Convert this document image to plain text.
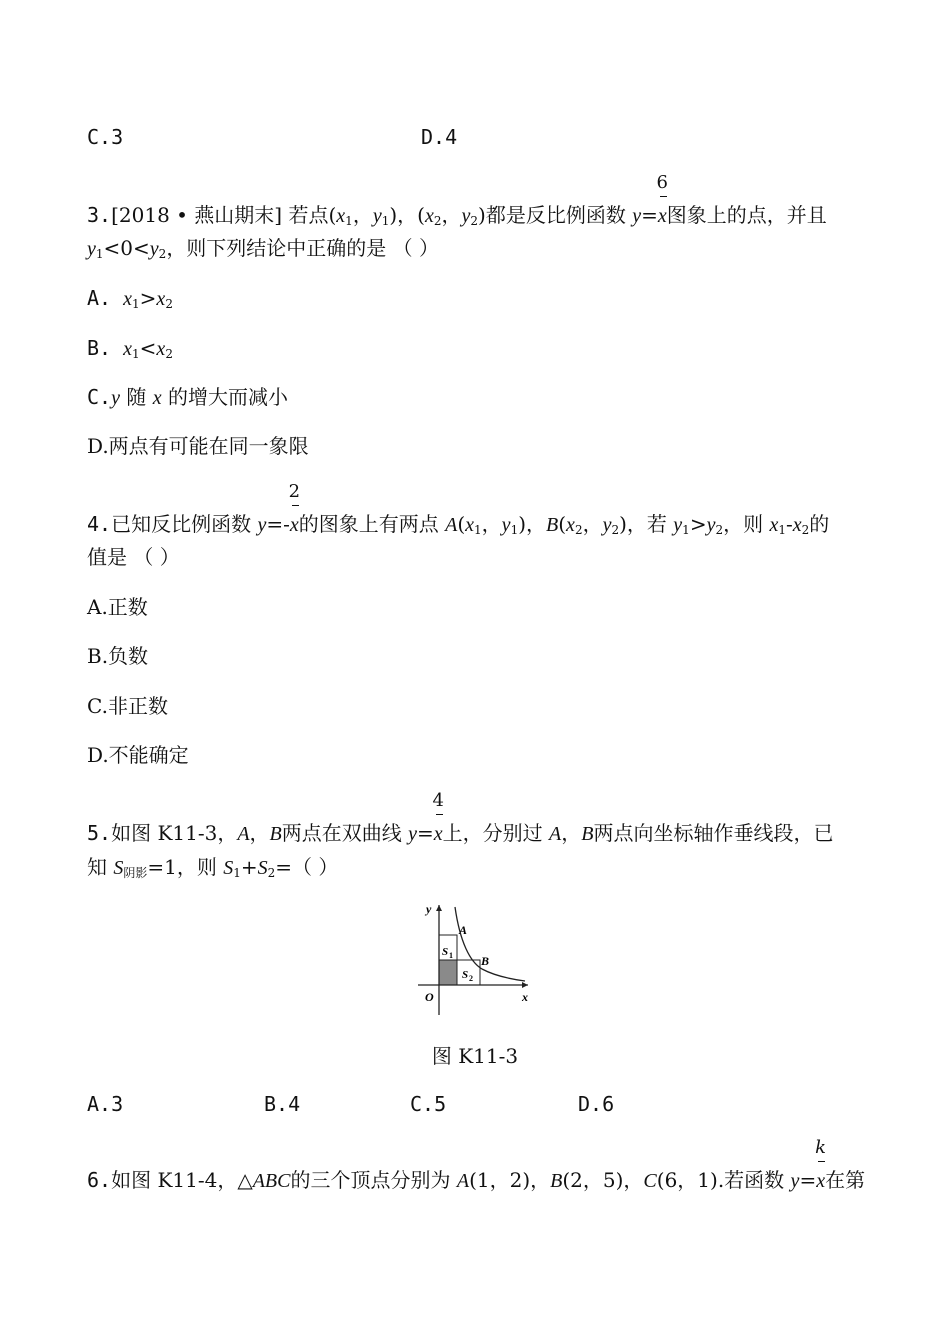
C.3	D.4
3.[2018 • 燕山期末] 若点($x_1$，$y_1$)，($x_2$，$y_2$)都是反比例函数 $y= \frac{6}{x}$图象上的点，并且
$y_1<0<y_2$，则下列结论中正确的是 （ ）
A. $x_1>x_2$
B. $x_1<x_2$
C.y 随 x 的增大而减小
D.两点有可能在同一象限
4.已知反比例函数 $y=- \frac{2}{x}$的图象上有两点 $A(x_1$，$y_1$)，$B(x_2$，$y_2$)，若 $y_1>y_2$，则 $x_1-x_2$的
值是 （ ）
A.正数
B.负数
C.非正数
D.不能确定
5.如图 K11-3，A，B两点在双曲线 $y= \frac{4}{x}$上，分别过 A，B两点向坐标轴作垂线段，已
知 $S_{阴影}=1$，则 $S_1+S_2=$（ ）
y
A
S 1 B
S 2
O	x
图 K11-3
A.3	B.4	C.5	D.6
6.如图 K11-4，△ABC的三个顶点分别为 A(1，2)，B(2，5)，C(6，1).若函数 $y= \frac{k}{x}$在第
